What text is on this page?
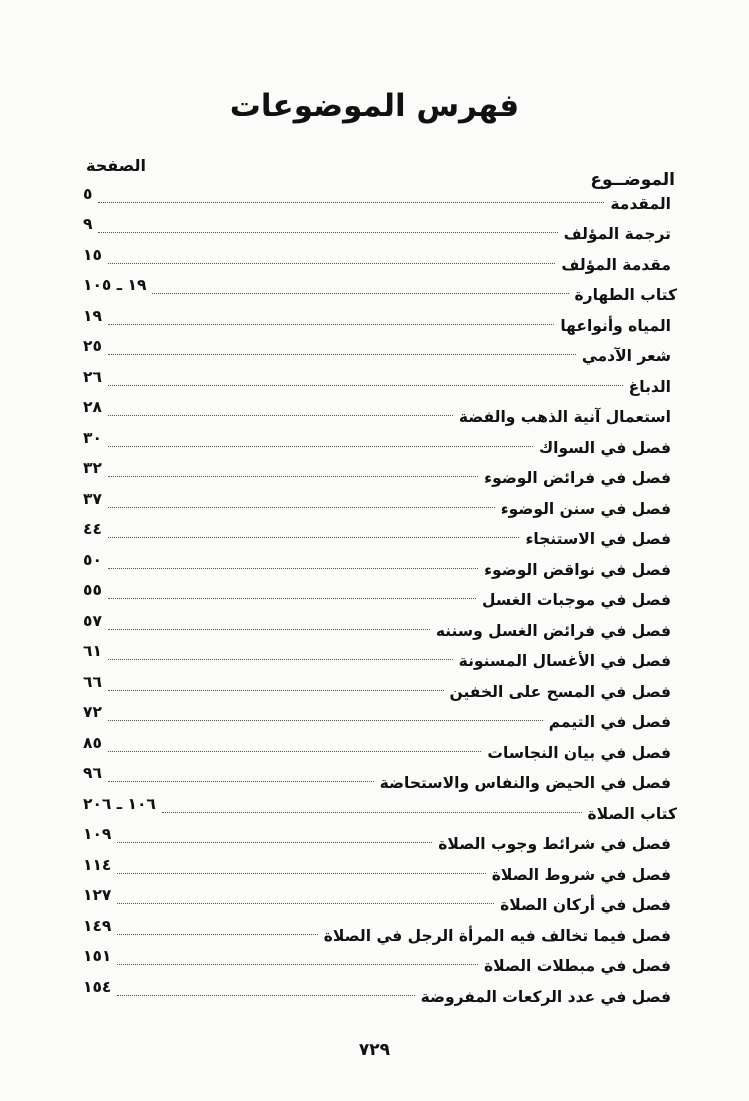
فهرس الموضوعات
الموضــوع
الصفحة
المقدمة
٥
ترجمة المؤلف
٩
مقدمة المؤلف
١٥
كتاب الطهارة
١٩ ـ ١٠٥
المياه وأنواعها
١٩
شعر الآدمي
٢٥
الدباغ
٢٦
استعمال آنية الذهب والفضة
٢٨
فصل في السواك
٣٠
فصل في فرائض الوضوء
٣٢
فصل في سنن الوضوء
٣٧
فصل في الاستنجاء
٤٤
فصل في نواقض الوضوء
٥٠
فصل في موجبات الغسل
٥٥
فصل في فرائض الغسل وسننه
٥٧
فصل في الأغسال المسنونة
٦١
فصل في المسح على الخفين
٦٦
فصل في التيمم
٧٢
فصل في بيان النجاسات
٨٥
فصل في الحيض والنفاس والاستحاضة
٩٦
كتاب الصلاة
١٠٦ ـ ٢٠٦
فصل في شرائط وجوب الصلاة
١٠٩
فصل في شروط الصلاة
١١٤
فصل في أركان الصلاة
١٢٧
فصل فيما تخالف فيه المرأة الرجل في الصلاة
١٤٩
فصل في مبطلات الصلاة
١٥١
فصل في عدد الركعات المفروضة
١٥٤
٧٢٩
